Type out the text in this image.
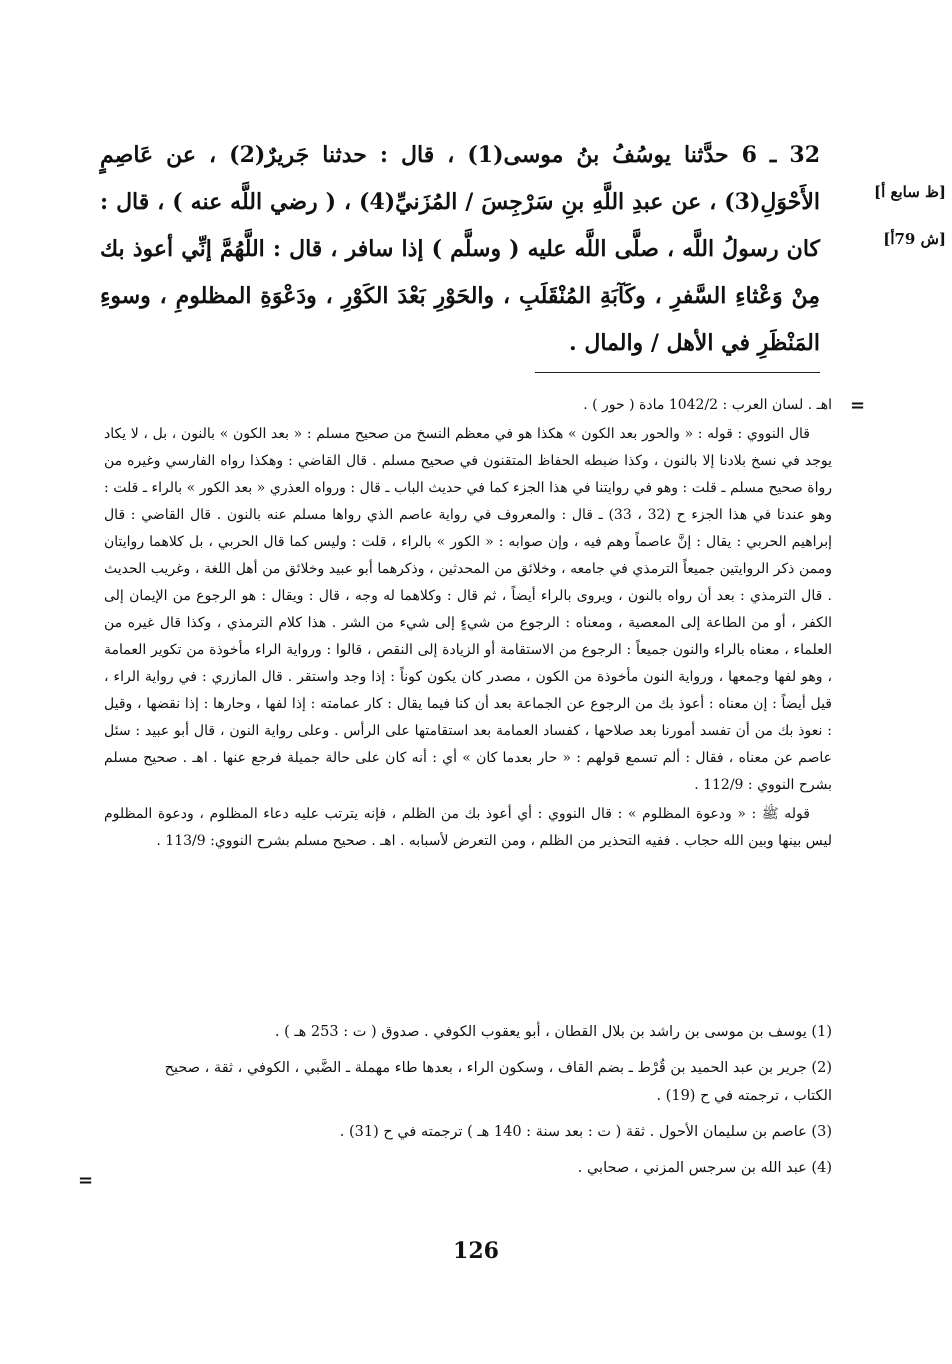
32 ـ 6 حدَّثنا يوسُفُ بنُ موسى(1) ، قال : حدثنا جَريرٌ(2) ، عن عَاصِمٍ الأَحْوَلِ(3) ، عن عبدِ اللَّهِ بنِ سَرْجِسَ / المُزَنيِّ(4) ، ( رضي اللَّه عنه ) ، قال : كان رسولُ اللَّه ، صلَّى اللَّه عليه ( وسلَّم ) إذا سافر ، قال : اللَّهُمَّ إنِّي أعوذ بك مِنْ وَعْثاءِ السَّفرِ ، وكَآبَةِ المُنْقَلَبِ ، والحَوْرِ بَعْدَ الكَوْرِ ، ودَعْوَةِ المظلومِ ، وسوءِ المَنْظَرِ في الأهل / والمال .

[ظ سابع أ]
[ش 79أ]
=

اهـ . لسان العرب : 1042/2 مادة ( حور ) .

قال النووي : قوله : « والحور بعد الكون » هكذا هو في معظم النسخ من صحيح مسلم : « بعد الكون » بالنون ، بل ، لا يكاد يوجد في نسخ بلادنا إلا بالنون ، وكذا ضبطه الحفاظ المتقنون في صحيح مسلم . قال القاضي : وهكذا رواه الفارسي وغيره من رواة صحيح مسلم ـ قلت : وهو في روايتنا في هذا الجزء كما في حديث الباب ـ قال : ورواه العذري « بعد الكور » بالراء ـ قلت : وهو عندنا في هذا الجزء ح (32 ، 33) ـ قال : والمعروف في رواية عاصم الذي رواها مسلم عنه بالنون . قال القاضي : قال إبراهيم الحربي : يقال : إنَّ عاصماً وهم فيه ، وإن صوابه : « الكور » بالراء ، قلت : وليس كما قال الحربي ، بل كلاهما روايتان وممن ذكر الروايتين جميعاً الترمذي في جامعه ، وخلائق من المحدثين ، وذكرهما أبو عبيد وخلائق من أهل اللغة ، وغريب الحديث . قال الترمذي : بعد أن رواه بالنون ، ويروى بالراء أيضاً ، ثم قال : وكلاهما له وجه ، قال : ويقال : هو الرجوع من الإيمان إلى الكفر ، أو من الطاعة إلى المعصية ، ومعناه : الرجوع من شيءٍ إلى شيء من الشر . هذا كلام الترمذي ، وكذا قال غيره من العلماء ، معناه بالراء والنون جميعاً : الرجوع من الاستقامة أو الزيادة إلى النقص ، قالوا : ورواية الراء مأخوذة من تكوير العمامة ، وهو لفها وجمعها ، ورواية النون مأخوذة من الكون ، مصدر كان يكون كوناً : إذا وجد واستقر . قال المازري : في رواية الراء ، قيل أيضاً : إن معناه : أعوذ بك من الرجوع عن الجماعة بعد أن كنا فيما يقال : كار عمامته : إذا لفها ، وحارها : إذا نقضها ، وقيل : نعوذ بك من أن تفسد أمورنا بعد صلاحها ، كفساد العمامة بعد استقامتها على الرأس . وعلى رواية النون ، قال أبو عبيد : سئل عاصم عن معناه ، فقال : ألم تسمع قولهم : « حار بعدما كان » أي : أنه كان على حالة جميلة فرجع عنها . اهـ . صحيح مسلم بشرح النووي : 112/9 .

قوله ﷺ : « ودعوة المظلوم » : قال النووي : أي أعوذ بك من الظلم ، فإنه يترتب عليه دعاء المظلوم ، ودعوة المظلوم ليس بينها وبين الله حجاب . ففيه التحذير من الظلم ، ومن التعرض لأسبابه . اهـ . صحيح مسلم بشرح النووي: 113/9 .

(1) يوسف بن موسى بن راشد بن بلال القطان ، أبو يعقوب الكوفي . صدوق ( ت : 253 هـ ) .
(2) جرير بن عبد الحميد بن قُرْط ـ بضم القاف ، وسكون الراء ، بعدها طاء مهملة ـ الضَّبي ، الكوفي ، ثقة ، صحيح الكتاب ، ترجمته في ح (19) .
(3) عاصم بن سليمان الأحول . ثقة ( ت : بعد سنة : 140 هـ ) ترجمته في ح (31) .
(4) عبد الله بن سرجس المزني ، صحابي .
=
126
